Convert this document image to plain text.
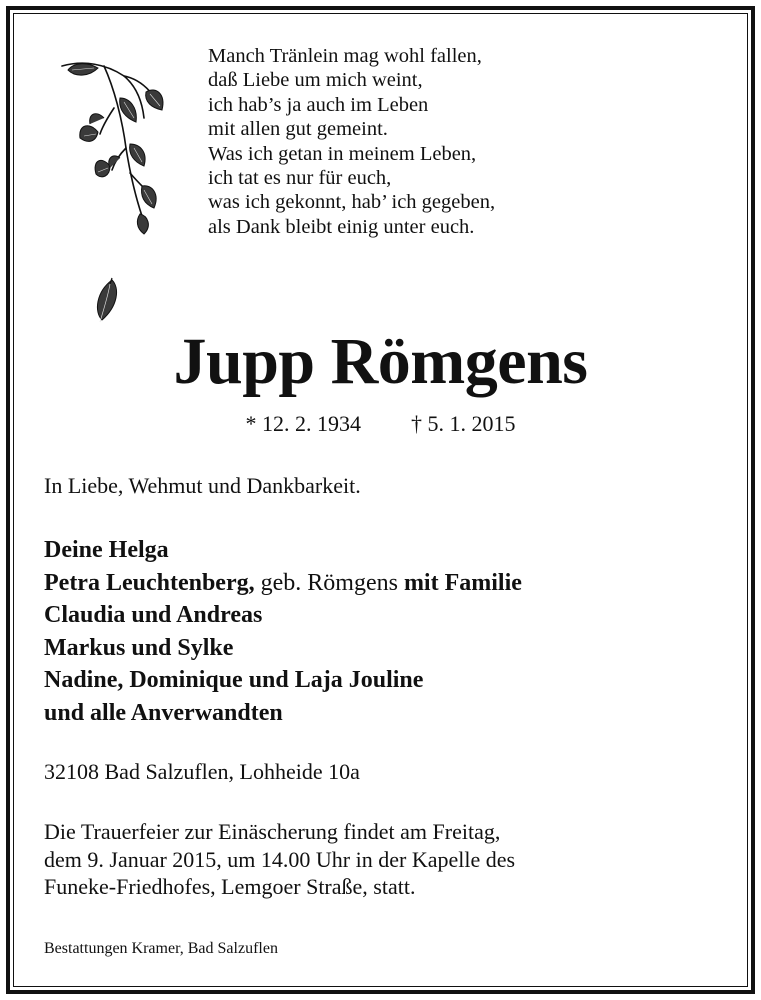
Manch Tränlein mag wohl fallen,
daß Liebe um mich weint,
ich hab’s ja auch im Leben
mit allen gut gemeint.
Was ich getan in meinem Leben,
ich tat es nur für euch,
was ich gekonnt, hab’ ich gegeben,
als Dank bleibt einig unter euch.
Jupp Römgens
* 12. 2. 1934 † 5. 1. 2015
In Liebe, Wehmut und Dankbarkeit.
Deine Helga
Petra Leuchtenberg, geb. Römgens mit Familie
Claudia und Andreas
Markus und Sylke
Nadine, Dominique und Laja Jouline
und alle Anverwandten
32108 Bad Salzuflen, Lohheide 10a
Die Trauerfeier zur Einäscherung findet am Freitag,
dem 9. Januar 2015, um 14.00 Uhr in der Kapelle des
Funeke-Friedhofes, Lemgoer Straße, statt.
Bestattungen Kramer, Bad Salzuflen
